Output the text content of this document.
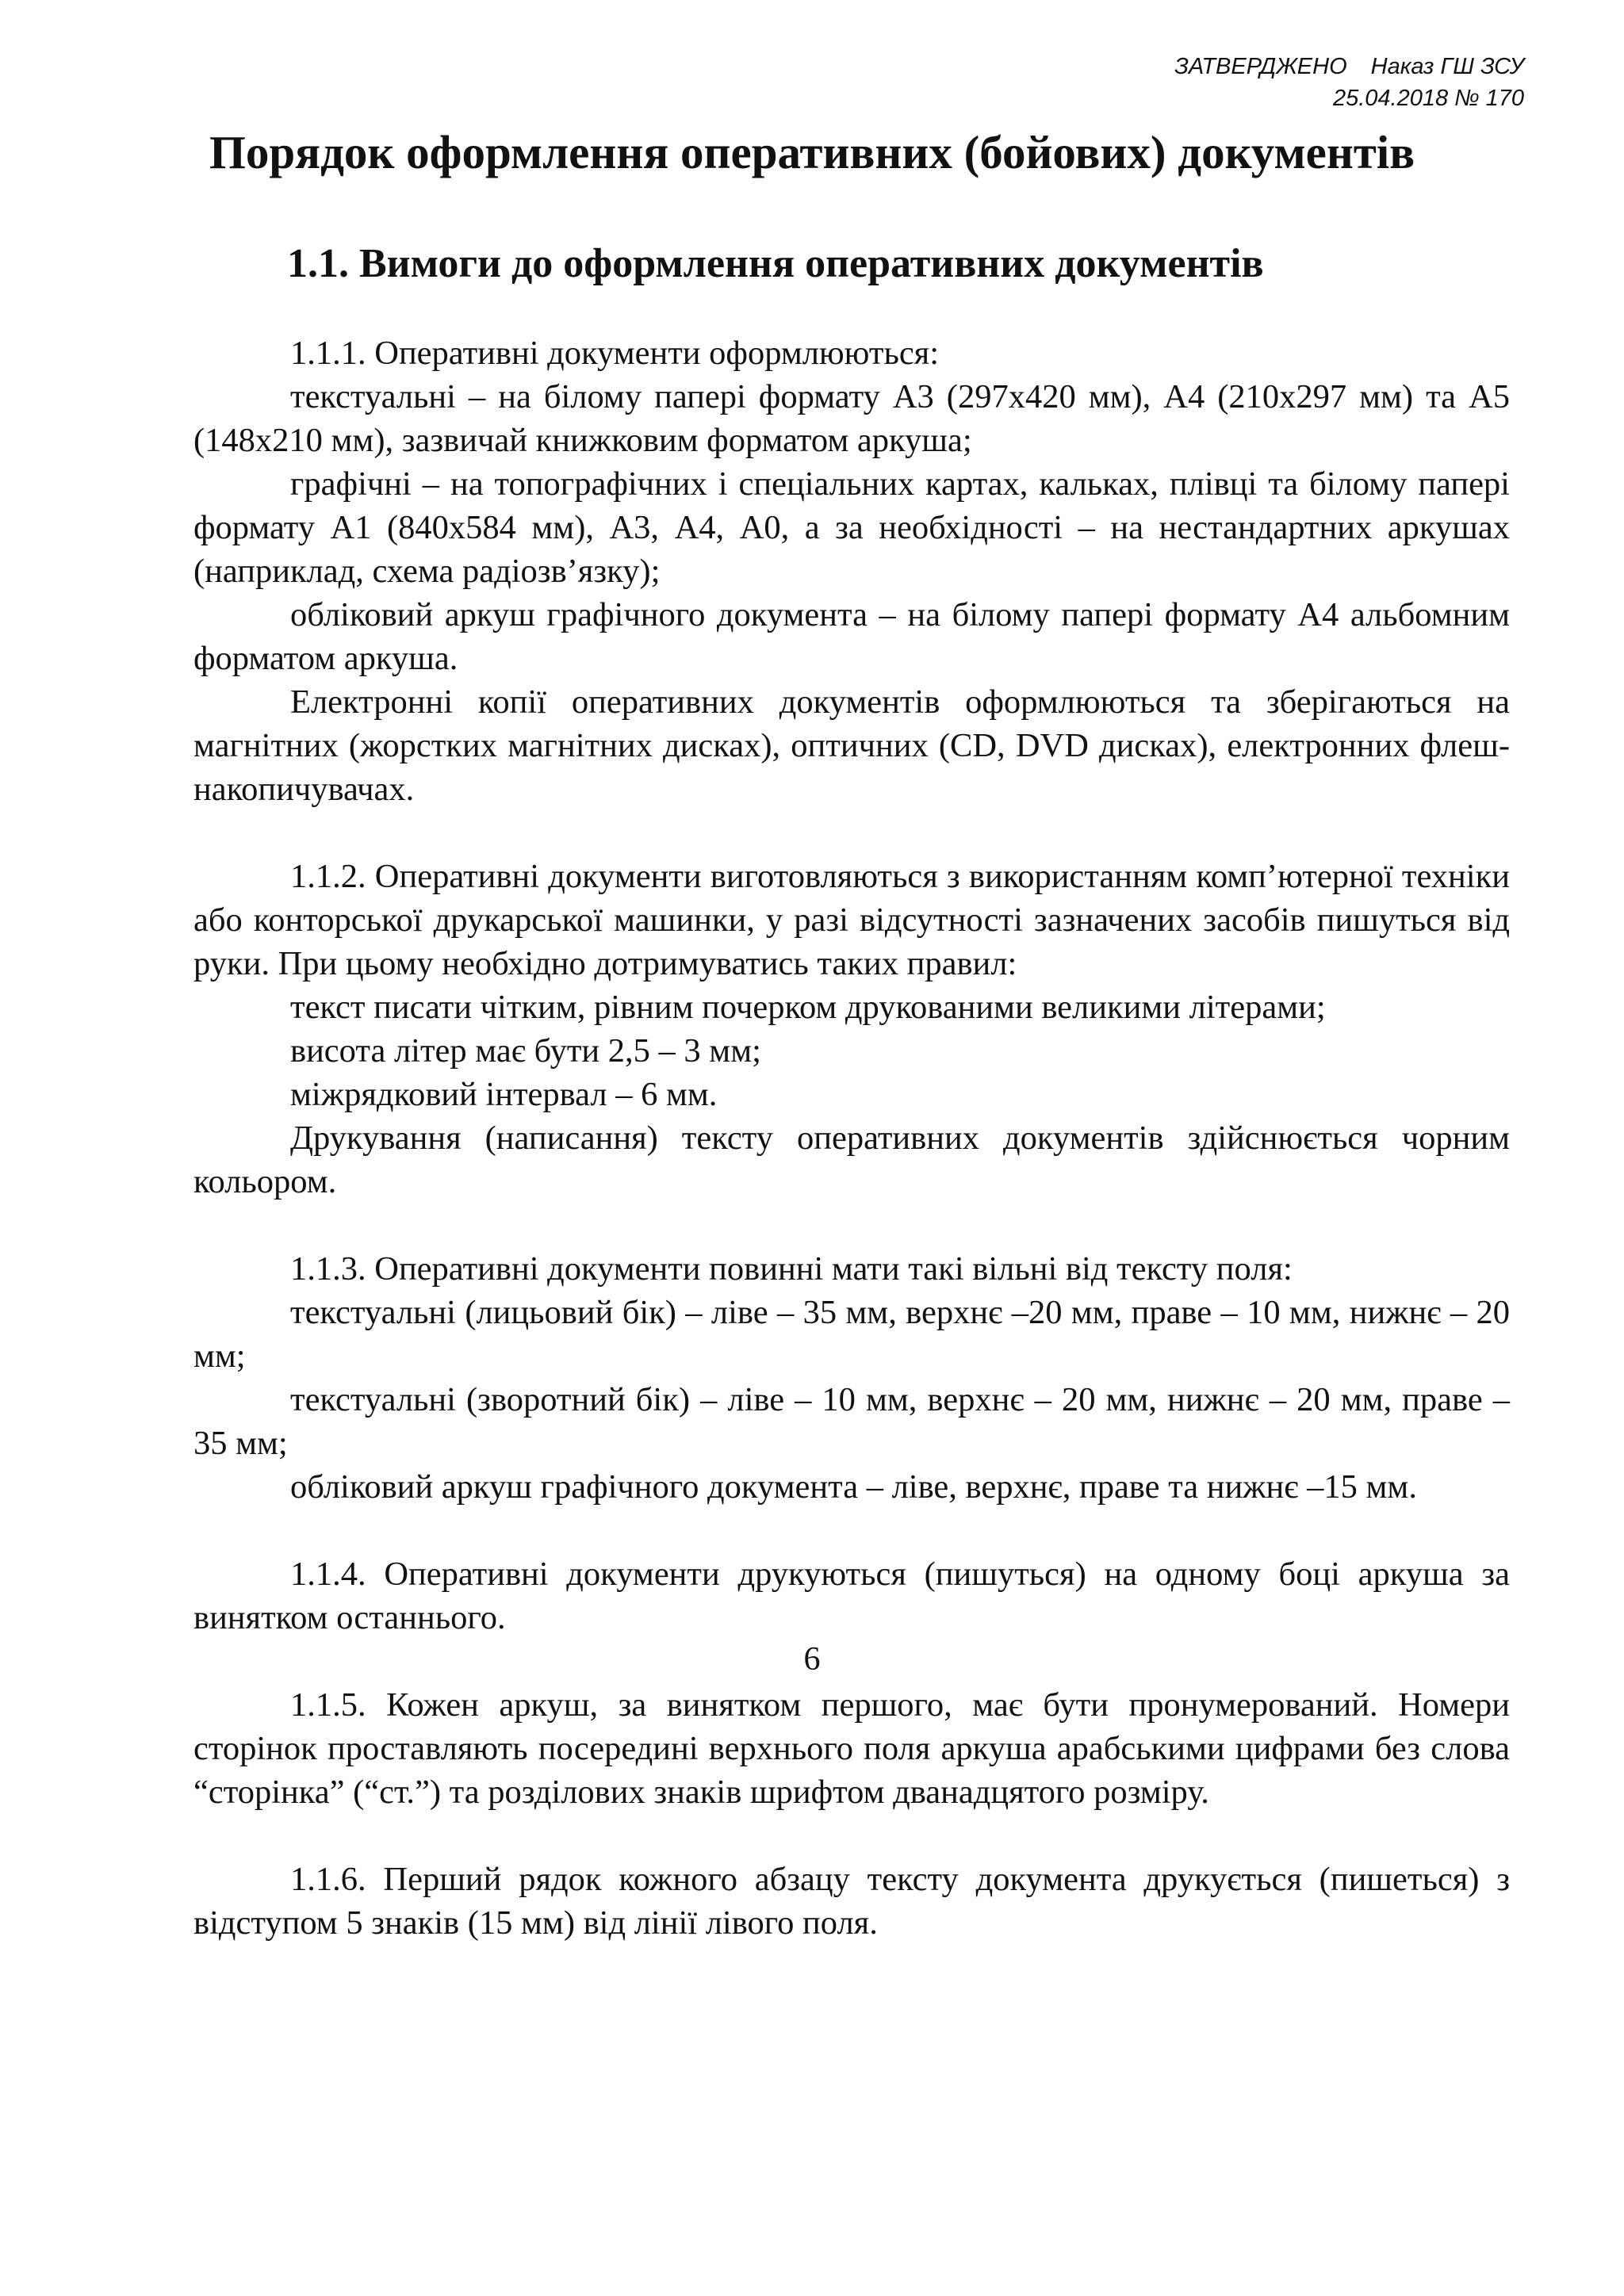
ЗАТВЕРДЖЕНО Наказ ГШ ЗСУ
25.04.2018 № 170
Порядок оформлення оперативних (бойових) документів
1.1. Вимоги до оформлення оперативних документів

1.1.1. Оперативні документи оформлюються:

текстуальні – на білому папері формату А3 (297х420 мм), А4 (210х297 мм) та А5 (148х210 мм), зазвичай книжковим форматом аркуша;

графічні – на топографічних і спеціальних картах, кальках, плівці та білому папері формату А1 (840х584 мм), А3, А4, А0, а за необхідності – на нестандартних аркушах (наприклад, схема радіозв’язку);

обліковий аркуш графічного документа – на білому папері формату А4 альбомним форматом аркуша.

Електронні копії оперативних документів оформлюються та зберігаються на магнітних (жорстких магнітних дисках), оптичних (CD, DVD дисках), електронних флеш-накопичувачах.

1.1.2. Оперативні документи виготовляються з використанням комп’ютерної техніки або конторської друкарської машинки, у разі відсутності зазначених засобів пишуться від руки. При цьому необхідно дотримуватись таких правил:

текст писати чітким, рівним почерком друкованими великими літерами;

висота літер має бути 2,5 – 3 мм;

міжрядковий інтервал – 6 мм.

Друкування (написання) тексту оперативних документів здійснюється чорним кольором.

1.1.3. Оперативні документи повинні мати такі вільні від тексту поля:

текстуальні (лицьовий бік) – ліве – 35 мм, верхнє –20 мм, праве – 10 мм, нижнє – 20 мм;

текстуальні (зворотний бік) – ліве – 10 мм, верхнє – 20 мм, нижнє – 20 мм, праве – 35 мм;

обліковий аркуш графічного документа – ліве, верхнє, праве та нижнє –15 мм.

1.1.4. Оперативні документи друкуються (пишуться) на одному боці аркуша за винятком останнього.

1.1.5. Кожен аркуш, за винятком першого, має бути пронумерований. Номери сторінок проставляють посередині верхнього поля аркуша арабськими цифрами без слова “сторінка” (“ст.”) та розділових знаків шрифтом дванадцятого розміру.

1.1.6. Перший рядок кожного абзацу тексту документа друкується (пишеться) з відступом 5 знаків (15 мм) від лінії лівого поля.

6
